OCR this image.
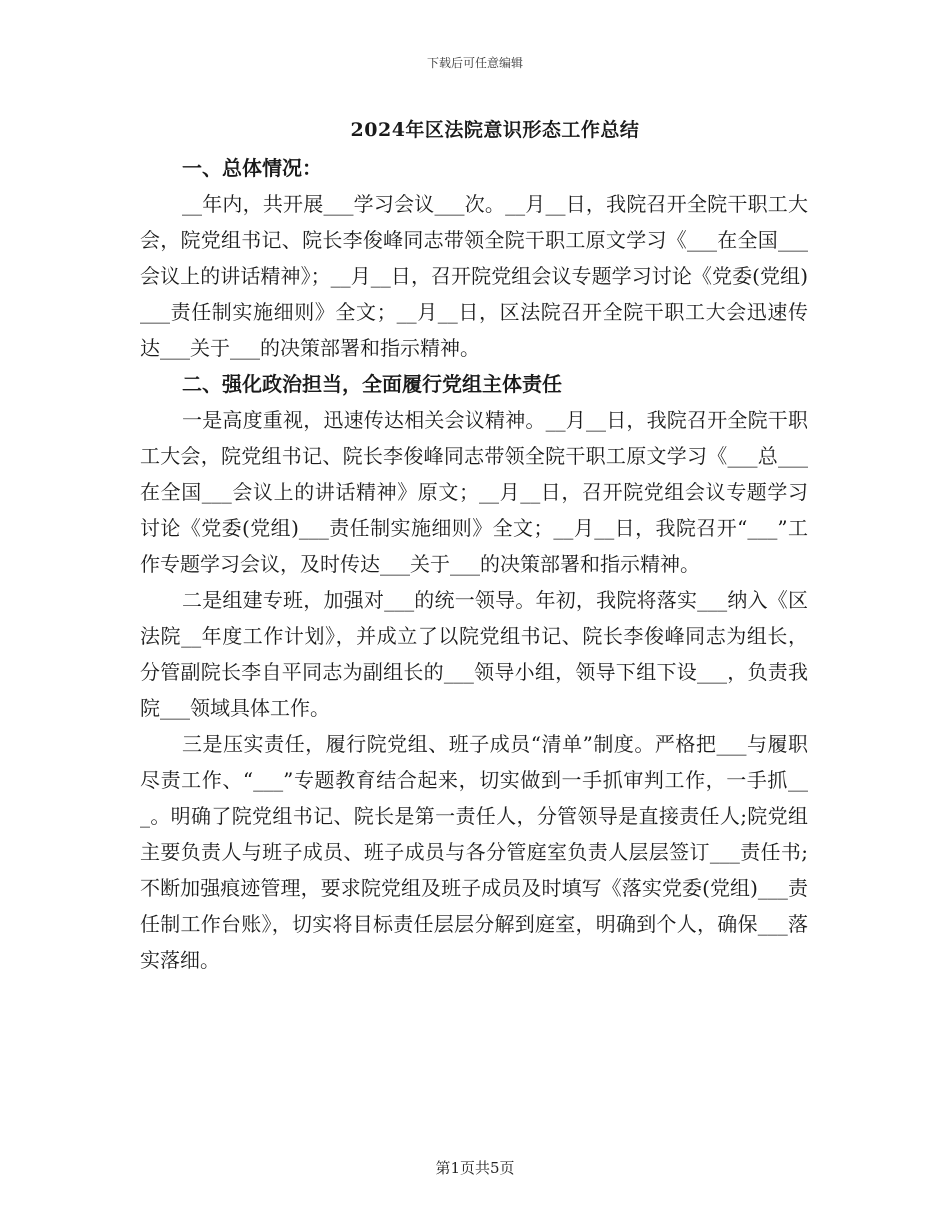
下载后可任意编辑
2024年区法院意识形态工作总结

一、总体情况：

__年内，共开展___学习会议___次。__月__日，我院召开全院干职工大会，院党组书记、院长李俊峰同志带领全院干职工原文学习《___在全国___会议上的讲话精神》；__月__日，召开院党组会议专题学习讨论《党委(党组)___责任制实施细则》全文；__月__日，区法院召开全院干职工大会迅速传达___关于___的决策部署和指示精神。

二、强化政治担当，全面履行党组主体责任

一是高度重视，迅速传达相关会议精神。__月__日，我院召开全院干职工大会，院党组书记、院长李俊峰同志带领全院干职工原文学习《___总___在全国___会议上的讲话精神》原文；__月__日，召开院党组会议专题学习讨论《党委(党组)___责任制实施细则》全文；__月__日，我院召开“___”工作专题学习会议，及时传达___关于___的决策部署和指示精神。

二是组建专班，加强对___的统一领导。年初，我院将落实___纳入《区法院__年度工作计划》，并成立了以院党组书记、院长李俊峰同志为组长，分管副院长李自平同志为副组长的___领导小组，领导下组下设___，负责我院___领域具体工作。

三是压实责任，履行院党组、班子成员“清单”制度。严格把___与履职尽责工作、“___”专题教育结合起来，切实做到一手抓审判工作，一手抓___。明确了院党组书记、院长是第一责任人，分管领导是直接责任人;院党组主要负责人与班子成员、班子成员与各分管庭室负责人层层签订___责任书;不断加强痕迹管理，要求院党组及班子成员及时填写《落实党委(党组)___责任制工作台账》，切实将目标责任层层分解到庭室，明确到个人，确保___落实落细。

第1页共5页
